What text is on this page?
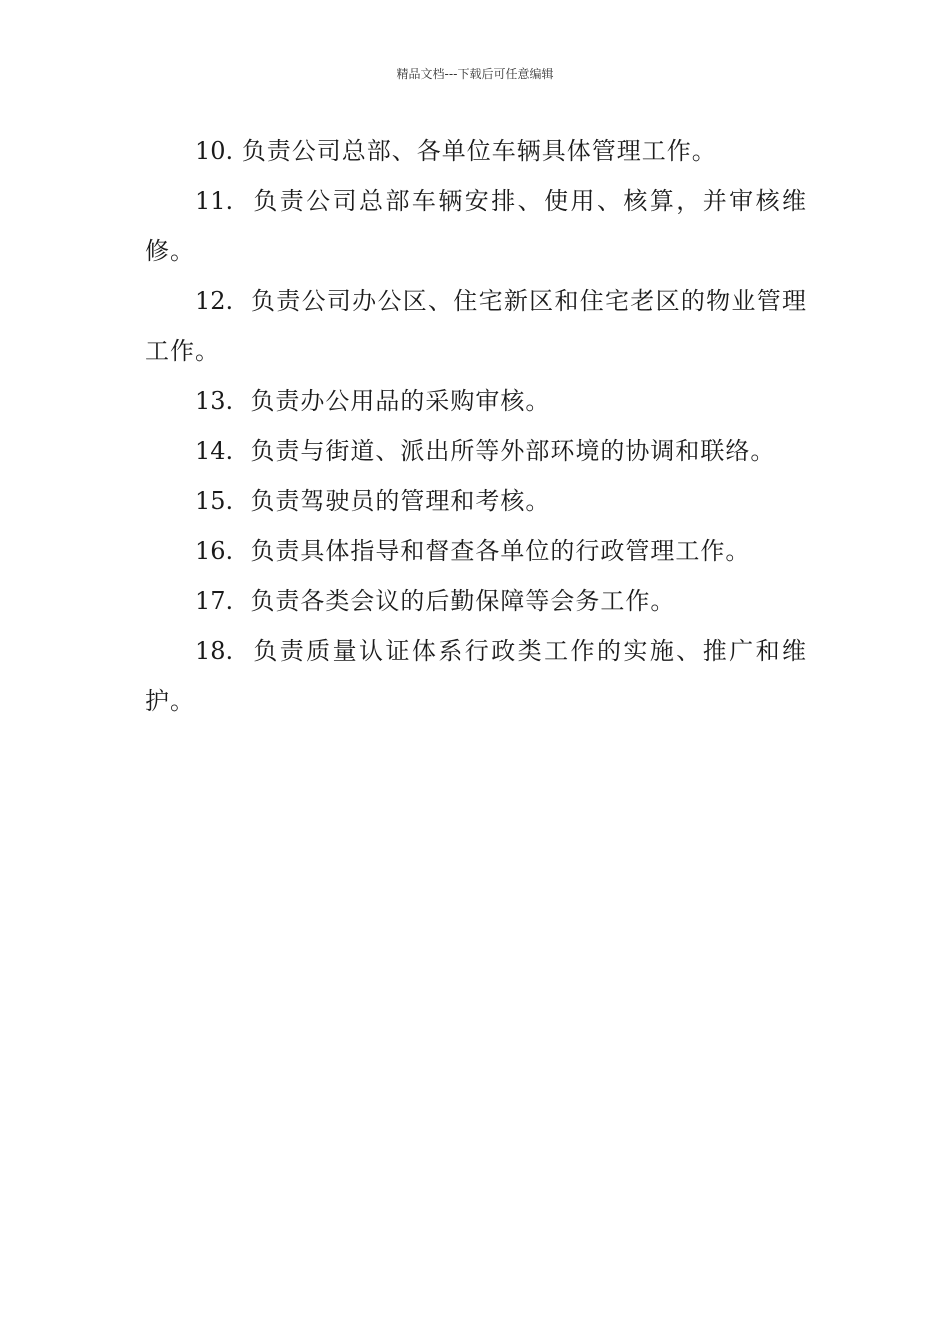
精品文档---下载后可任意编辑

10. 负责公司总部、各单位车辆具体管理工作。

11. 负责公司总部车辆安排、使用、核算，并审核维修。

12. 负责公司办公区、住宅新区和住宅老区的物业管理工作。

13. 负责办公用品的采购审核。

14. 负责与街道、派出所等外部环境的协调和联络。

15. 负责驾驶员的管理和考核。

16. 负责具体指导和督查各单位的行政管理工作。

17. 负责各类会议的后勤保障等会务工作。

18. 负责质量认证体系行政类工作的实施、推广和维护。
